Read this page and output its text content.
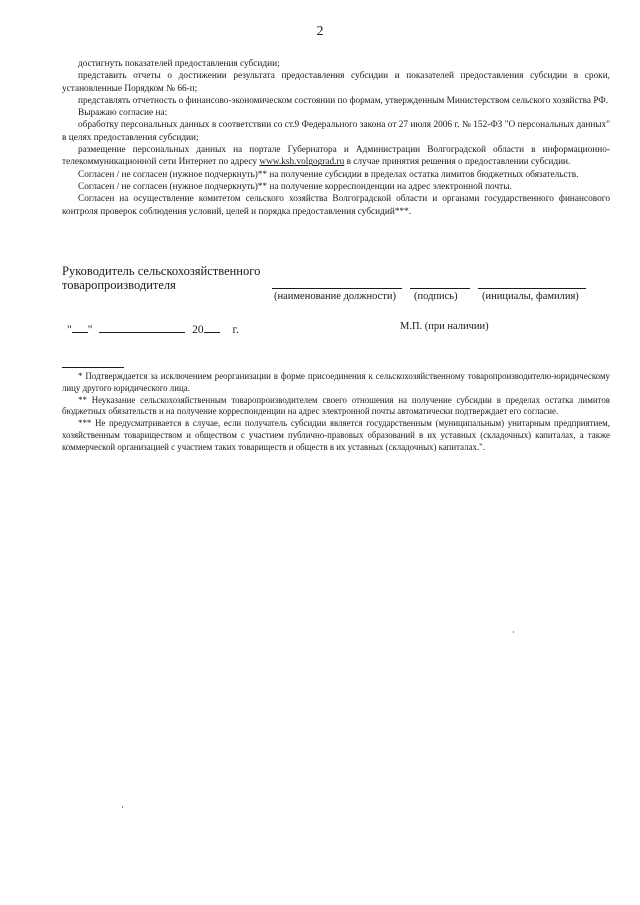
2

достигнуть показателей предоставления субсидии;

представить отчеты о достижении результата предоставления субсидии и показателей предоставления субсидии в сроки, установленные Порядком № 66-п;

представлять отчетность о финансово-экономическом состоянии по формам, утвержденным Министерством сельского хозяйства РФ.

Выражаю согласие на:

обработку персональных данных в соответствии со ст.9 Федерального закона от 27 июля 2006 г. № 152-ФЗ "О персональных данных" в целях предоставления субсидии;

размещение персональных данных на портале Губернатора и Администрации Волгоградской области в информационно-телекоммуникационной сети Интернет по адресу www.ksh.volgograd.ru в случае принятия решения о предоставлении субсидии.

Согласен / не согласен (нужное подчеркнуть)** на получение субсидии в пределах остатка лимитов бюджетных обязательств.

Согласен / не согласен (нужное подчеркнуть)** на получение корреспонденции на адрес электронной почты.

Согласен на осуществление комитетом сельского хозяйства Волгоградской области и органами государственного финансового контроля проверок соблюдения условий, целей и порядка предоставления субсидий***.

Руководитель сельскохозяйственного
товаропроизводителя
(наименование должности) (подпись) (инициалы, фамилия)
" "	20	г.	М.П. (при наличии)

* Подтверждается за исключением реорганизации в форме присоединения к сельскохозяйственному товаропроизводителю-юридическому лицу другого юридического лица.

** Неуказание сельскохозяйственным товаропроизводителем своего отношения на получение субсидии в пределах остатка лимитов бюджетных обязательств и на получение корреспонденции на адрес электронной почты автоматически подтверждает его согласие.

*** Не предусматривается в случае, если получатель субсидии является государственным (муниципальным) унитарным предприятием, хозяйственным товариществом и обществом с участием публично-правовых образований в их уставных (складочных) капиталах, а также коммерческой организацией с участием таких товариществ и обществ в их уставных (складочных) капиталах.".
